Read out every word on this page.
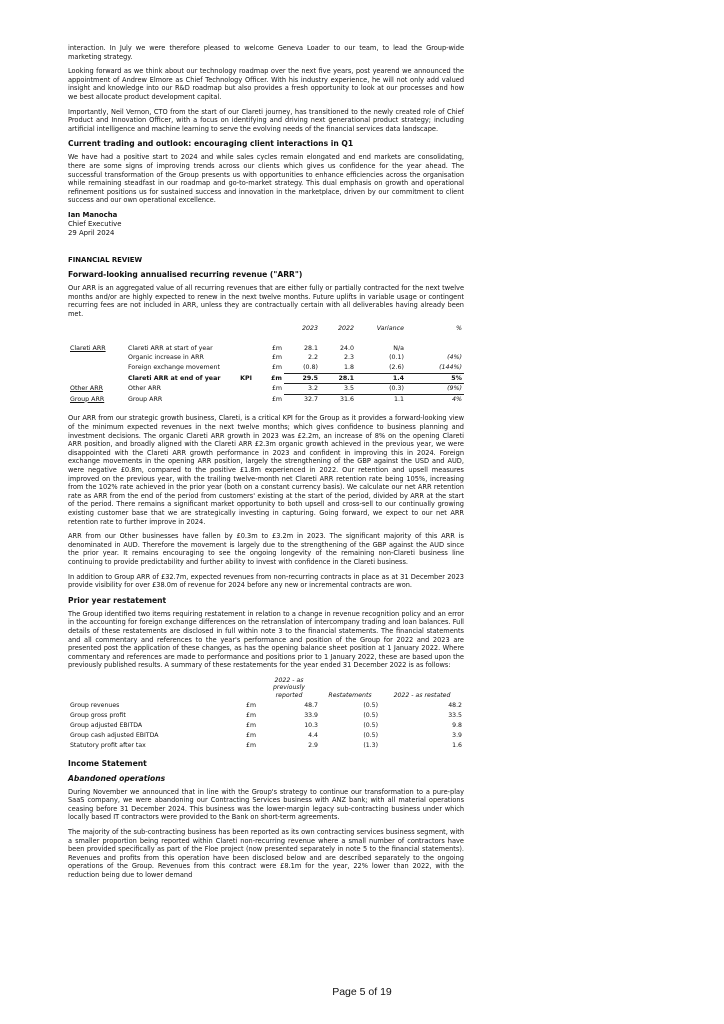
interaction. In July we were therefore pleased to welcome Geneva Loader to our team, to lead the Group-wide marketing strategy.

Looking forward as we think about our technology roadmap over the next five years, post yearend we announced the appointment of Andrew Elmore as Chief Technology Officer. With his industry experience, he will not only add valued insight and knowledge into our R&D roadmap but also provides a fresh opportunity to look at our processes and how we best allocate product development capital.

Importantly, Neil Vernon, CTO from the start of our Clareti journey, has transitioned to the newly created role of Chief Product and Innovation Officer, with a focus on identifying and driving next generational product strategy; including artificial intelligence and machine learning to serve the evolving needs of the financial services data landscape.

Current trading and outlook: encouraging client interactions in Q1

We have had a positive start to 2024 and while sales cycles remain elongated and end markets are consolidating, there are some signs of improving trends across our clients which gives us confidence for the year ahead. The successful transformation of the Group presents us with opportunities to enhance efficiencies across the organisation while remaining steadfast in our roadmap and go-to-market strategy. This dual emphasis on growth and operational refinement positions us for sustained success and innovation in the marketplace, driven by our commitment to client success and our own operational excellence.

Ian Manocha

Chief Executive

29 April 2024

FINANCIAL REVIEW

Forward-looking annualised recurring revenue ("ARR")

Our ARR is an aggregated value of all recurring revenues that are either fully or partially contracted for the next twelve months and/or are highly expected to renew in the next twelve months. Future uplifts in variable usage or contingent recurring fees are not included in ARR, unless they are contractually certain with all deliverables having already been met.

				2023	2022	Variance	%

Clareti ARR	Clareti ARR at start of year		£m	28.1	24.0	N/a	
	Organic increase in ARR		£m	2.2	2.3	(0.1)	(4%)
	Foreign exchange movement		£m	(0.8)	1.8	(2.6)	(144%)
	Clareti ARR at end of year	KPI	£m	29.5	28.1	1.4	5%
Other ARR	Other ARR		£m	3.2	3.5	(0.3)	(9%)
Group ARR	Group ARR		£m	32.7	31.6	1.1	4%

Our ARR from our strategic growth business, Clareti, is a critical KPI for the Group as it provides a forward-looking view of the minimum expected revenues in the next twelve months; which gives confidence to business planning and investment decisions. The organic Clareti ARR growth in 2023 was £2.2m, an increase of 8% on the opening Clareti ARR position, and broadly aligned with the Clareti ARR £2.3m organic growth achieved in the previous year, we were disappointed with the Clareti ARR growth performance in 2023 and confident in improving this in 2024. Foreign exchange movements in the opening ARR position, largely the strengthening of the GBP against the USD and AUD, were negative £0.8m, compared to the positive £1.8m experienced in 2022. Our retention and upsell measures improved on the previous year, with the trailing twelve-month net Clareti ARR retention rate being 105%, increasing from the 102% rate achieved in the prior year (both on a constant currency basis). We calculate our net ARR retention rate as ARR from the end of the period from customers' existing at the start of the period, divided by ARR at the start of the period. There remains a significant market opportunity to both upsell and cross-sell to our continually growing existing customer base that we are strategically investing in capturing. Going forward, we expect to our net ARR retention rate to further improve in 2024.

ARR from our Other businesses have fallen by £0.3m to £3.2m in 2023. The significant majority of this ARR is denominated in AUD. Therefore the movement is largely due to the strengthening of the GBP against the AUD since the prior year. It remains encouraging to see the ongoing longevity of the remaining non-Clareti business line continuing to provide predictability and further ability to invest with confidence in the Clareti business.

In addition to Group ARR of £32.7m, expected revenues from non-recurring contracts in place as at 31 December 2023 provide visibility for over £38.0m of revenue for 2024 before any new or incremental contracts are won.

Prior year restatement

The Group identified two items requiring restatement in relation to a change in revenue recognition policy and an error in the accounting for foreign exchange differences on the retranslation of intercompany trading and loan balances. Full details of these restatements are disclosed in full within note 3 to the financial statements. The financial statements and all commentary and references to the year's performance and position of the Group for 2022 and 2023 are presented post the application of these changes, as has the opening balance sheet position at 1 January 2022. Where commentary and references are made to performance and positions prior to 1 January 2022, these are based upon the previously published results. A summary of these restatements for the year ended 31 December 2022 is as follows:

		2022 - as previously reported	Restatements	2022 - as restated
Group revenues	£m	48.7	(0.5)	48.2
Group gross profit	£m	33.9	(0.5)	33.5
Group adjusted EBITDA	£m	10.3	(0.5)	9.8
Group cash adjusted EBITDA	£m	4.4	(0.5)	3.9
Statutory profit after tax	£m	2.9	(1.3)	1.6
Income Statement
Abandoned operations

During November we announced that in line with the Group's strategy to continue our transformation to a pure-play SaaS company, we were abandoning our Contracting Services business with ANZ bank; with all material operations ceasing before 31 December 2024. This business was the lower-margin legacy sub-contracting business under which locally based IT contractors were provided to the Bank on short-term agreements.

The majority of the sub-contracting business has been reported as its own contracting services business segment, with a smaller proportion being reported within Clareti non-recurring revenue where a small number of contractors have been provided specifically as part of the Floe project (now presented separately in note 5 to the financial statements). Revenues and profits from this operation have been disclosed below and are described separately to the ongoing operations of the Group. Revenues from this contract were £8.1m for the year, 22% lower than 2022, with the reduction being due to lower demand

Page 5 of 19
